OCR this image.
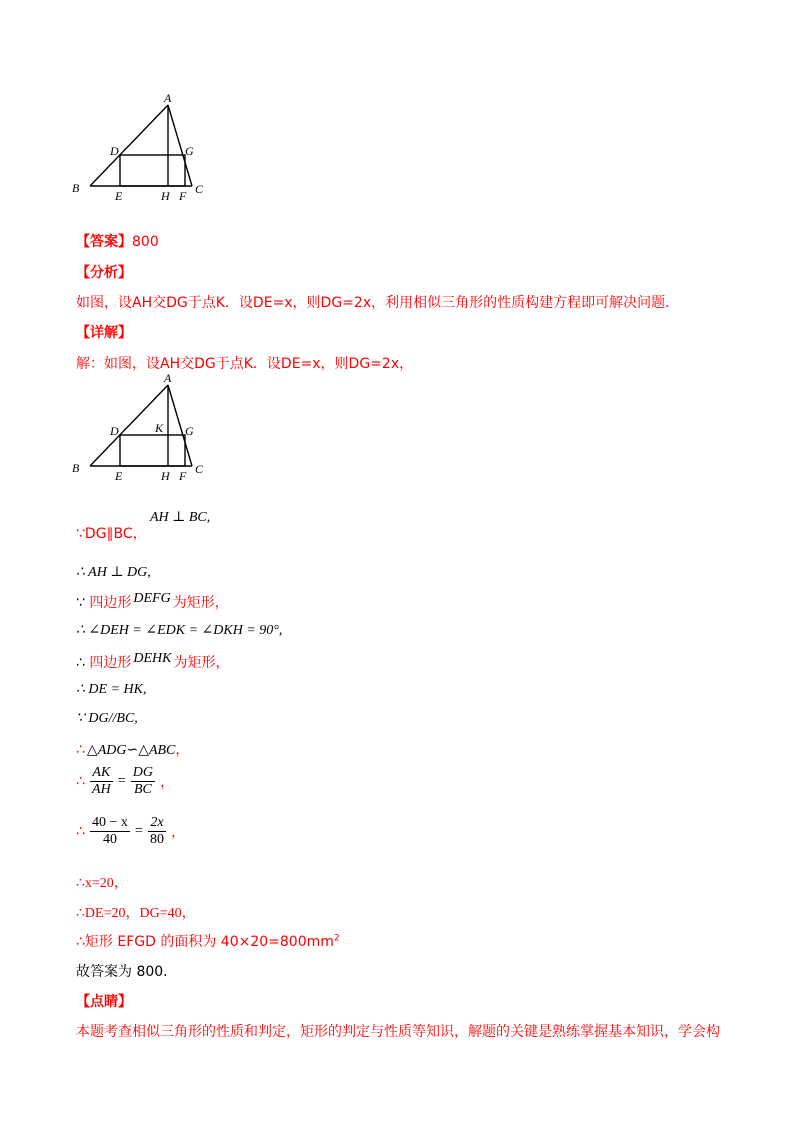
A
D	G
B
E	H F C
【答案】800
【分析】
如图，设AH交DG于点K．设DE=x，则DG=2x，利用相似三角形的性质构建方程即可解决问题．
【详解】
解：如图，设AH交DG于点K．设DE=x，则DG=2x，
A
D	K G
B
E	H F C
∵DG∥BC，
AH ⊥ BC,
∴ AH ⊥ DG,
∵ 四边形 DEFG 为矩形，
∴ ∠DEH = ∠EDK = ∠DKH = 90°,
∴ 四边形 DEHK 为矩形，
∴ DE = HK,
∵ DG//BC,
∴ △ADG∽△ABC，
∴ $\frac{AK}{AH} = \frac{DG}{BC}$ ，
∴ $\frac{40 - x}{40} = \frac{2x}{80}$ ，
∴x=20，
∴DE=20，DG=40，
∴矩形 EFGD 的面积为 $40\times 20=800mm^2$
故答案为 800．
【点睛】
本题考查相似三角形的性质和判定，矩形的判定与性质等知识，解题的关键是熟练掌握基本知识，学会构
